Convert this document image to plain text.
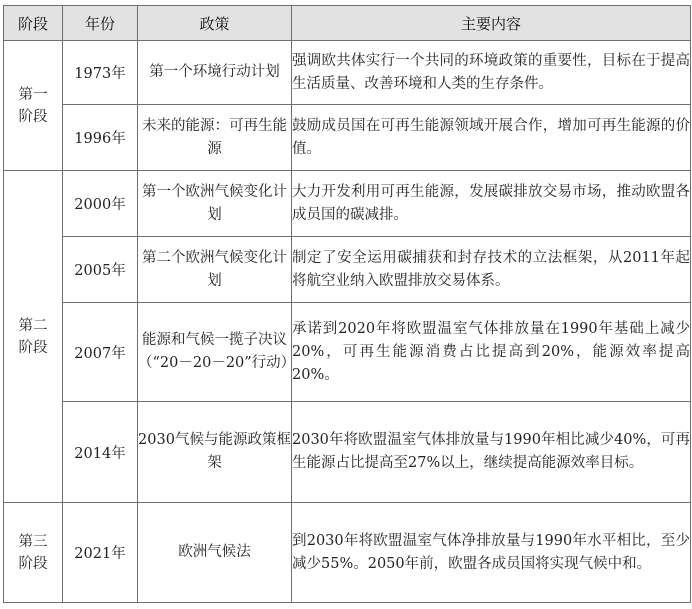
阶段	年份	政策	主要内容
第一阶段	1973年	第一个环境行动计划	强调欧共体实行一个共同的环境政策的重要性，目标在于提高生活质量、改善环境和人类的生存条件。
	1996年	未来的能源：可再生能源	鼓励成员国在可再生能源领域开展合作，增加可再生能源的价值。
第二阶段	2000年	第一个欧洲气候变化计划	大力开发利用可再生能源，发展碳排放交易市场，推动欧盟各成员国的碳减排。
	2005年	第二个欧洲气候变化计划	制定了安全运用碳捕获和封存技术的立法框架，从2011年起将航空业纳入欧盟排放交易体系。
	2007年	能源和气候一揽子决议（“20－20－20”行动）	承诺到2020年将欧盟温室气体排放量在1990年基础上减少20%，可再生能源消费占比提高到20%，能源效率提高20%。
	2014年	2030气候与能源政策框架	2030年将欧盟温室气体排放量与1990年相比减少40%，可再生能源占比提高至27%以上，继续提高能源效率目标。
第三阶段	2021年	欧洲气候法	到2030年将欧盟温室气体净排放量与1990年水平相比，至少减少55%。2050年前，欧盟各成员国将实现气候中和。
